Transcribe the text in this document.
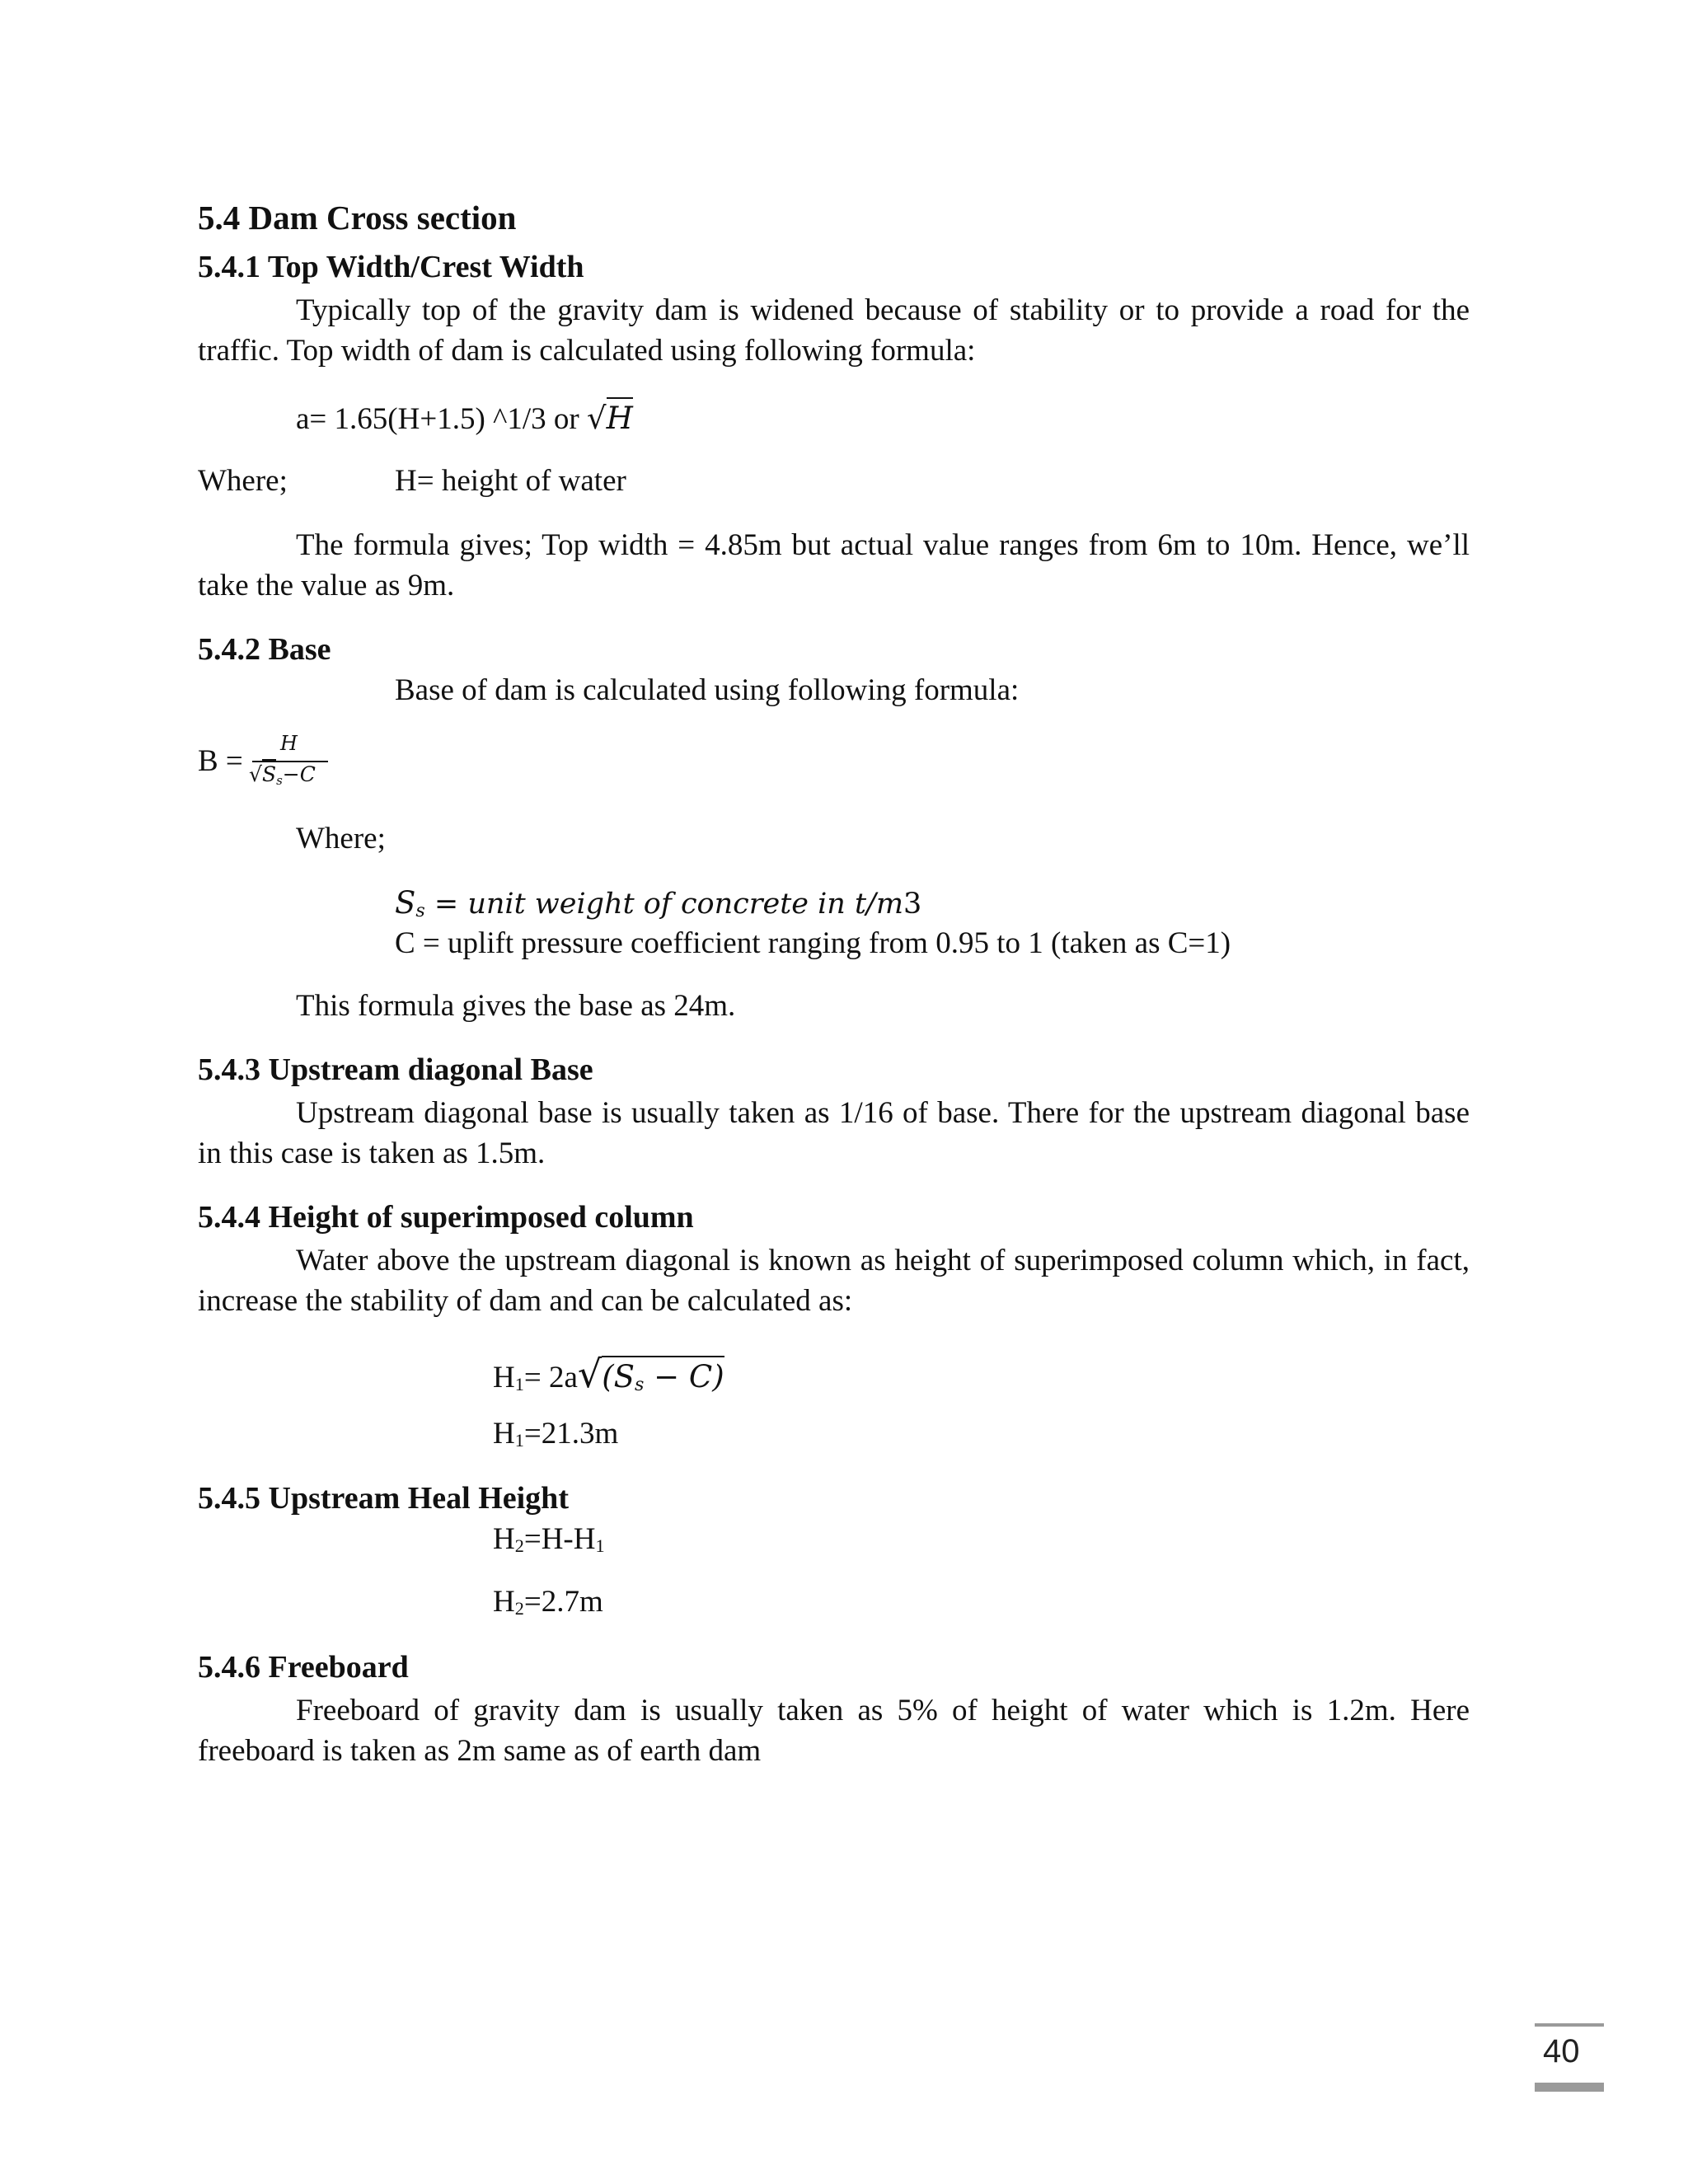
5.4 Dam Cross section
5.4.1 Top Width/Crest Width
Typically top of the gravity dam is widened because of stability or to provide a road for the traffic. Top width of dam is calculated using following formula:
a= 1.65(H+1.5) ^1/3 or √H
Where;	H= height of water
The formula gives; Top width = 4.85m but actual value ranges from 6m to 10m. Hence, we’ll take the value as 9m.
5.4.2 Base
Base of dam is calculated using following formula:
B =
H
$√S_s-C$
Where;
$S_s$ = unit weight of concrete in t/m3
C = uplift pressure coefficient ranging from 0.95 to 1 (taken as C=1)
This formula gives the base as 24m.
5.4.3 Upstream diagonal Base
Upstream diagonal base is usually taken as 1/16 of base. There for the upstream diagonal base in this case is taken as 1.5m.
5.4.4 Height of superimposed column
Water above the upstream diagonal is known as height of superimposed column which, in fact, increase the stability of dam and can be calculated as:
$H_1= 2a√(S_s - C)$
$H_1=21.3m$
5.4.5 Upstream Heal Height
$H_2=H-H_1$
$H_2=2.7m$
5.4.6 Freeboard
Freeboard of gravity dam is usually taken as 5% of height of water which is 1.2m. Here freeboard is taken as 2m same as of earth dam
40
